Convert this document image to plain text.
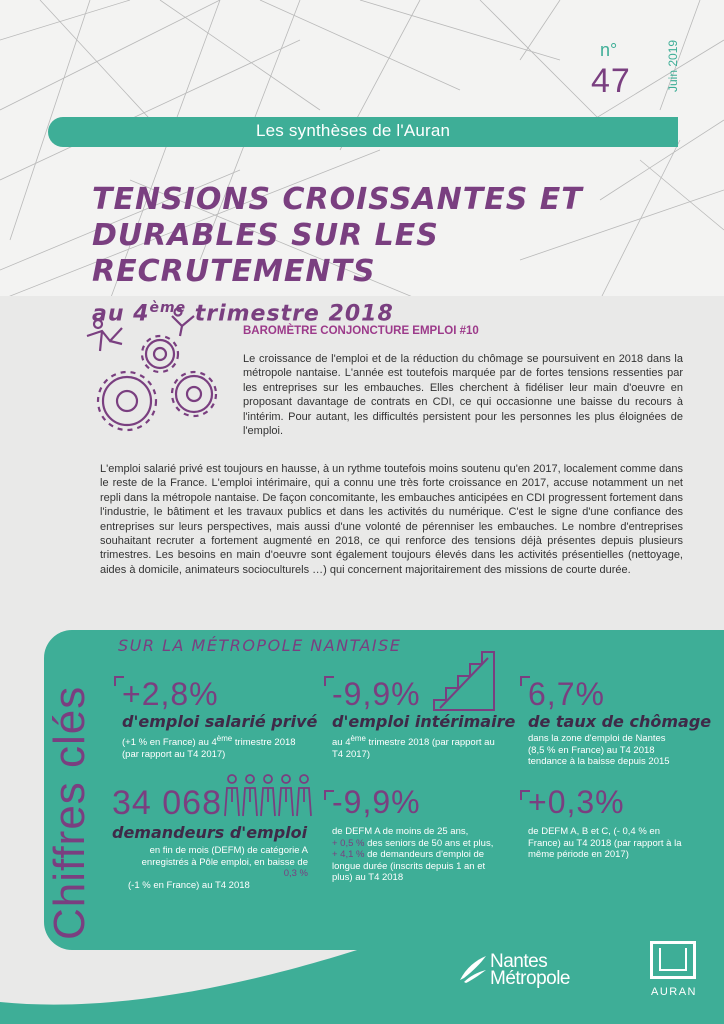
n°
47	Juin 2019
Les synthèses de l'Auran
TENSIONS CROISSANTES ET
DURABLES SUR LES RECRUTEMENTS
au 4ème trimestre 2018
BAROMÈTRE CONJONCTURE EMPLOI #10
Le croissance de l'emploi et de la réduction du chômage se poursuivent en 2018 dans la métropole nantaise. L'année est toutefois marquée par de fortes tensions ressenties par les entreprises sur les embauches. Elles cherchent à fidéliser leur main d'oeuvre en proposant davantage de contrats en CDI, ce qui occasionne une baisse du recours à l'intérim. Pour autant, les difficultés persistent pour les personnes les plus éloignées de l'emploi.
L'emploi salarié privé est toujours en hausse, à un rythme toutefois moins soutenu qu'en 2017, localement comme dans le reste de la France. L'emploi intérimaire, qui a connu une très forte croissance en 2017, accuse notamment un net repli dans la métropole nantaise. De façon concomitante, les embauches anticipées en CDI progressent fortement dans l'industrie, le bâtiment et les travaux publics et dans les activités du numérique. C'est le signe d'une confiance des entreprises sur leurs perspectives, mais aussi d'une volonté de pérenniser les embauches. Le nombre d'entreprises souhaitant recruter a fortement augmenté en 2018, ce qui renforce des tensions déjà présentes depuis plusieurs trimestres. Les besoins en main d'oeuvre sont également toujours élevés dans les activités présentielles (nettoyage, aides à domicile, animateurs socioculturels …) qui concernent majoritairement des missions de courte durée.
Chiffres clés
SUR LA MÉTROPOLE NANTAISE
+2,8%
d'emploi salarié privé
(+1 % en France) au 4ème trimestre 2018
(par rapport au T4 2017)
-9,9%
d'emploi intérimaire
au 4ème trimestre 2018 (par rapport au
T4 2017)
6,7%
de taux de chômage
dans la zone d'emploi de Nantes
(8,5 % en France) au T4 2018
tendance à la baisse depuis 2015
34 068
demandeurs d'emploi
en fin de mois (DEFM) de catégorie A
enregistrés à Pôle emploi, en baisse de 0,3 %
(-1 % en France) au T4 2018
-9,9%
de DEFM A de moins de 25 ans,
+ 0,5 % des seniors de 50 ans et plus,
+ 4,1 % de demandeurs d'emploi de
longue durée (inscrits depuis 1 an et
plus) au T4 2018
+0,3%
de DEFM A, B et C, (- 0,4 % en
France) au T4 2018 (par rapport à la
même période en 2017)
Nantes
Métropole
AURAN
